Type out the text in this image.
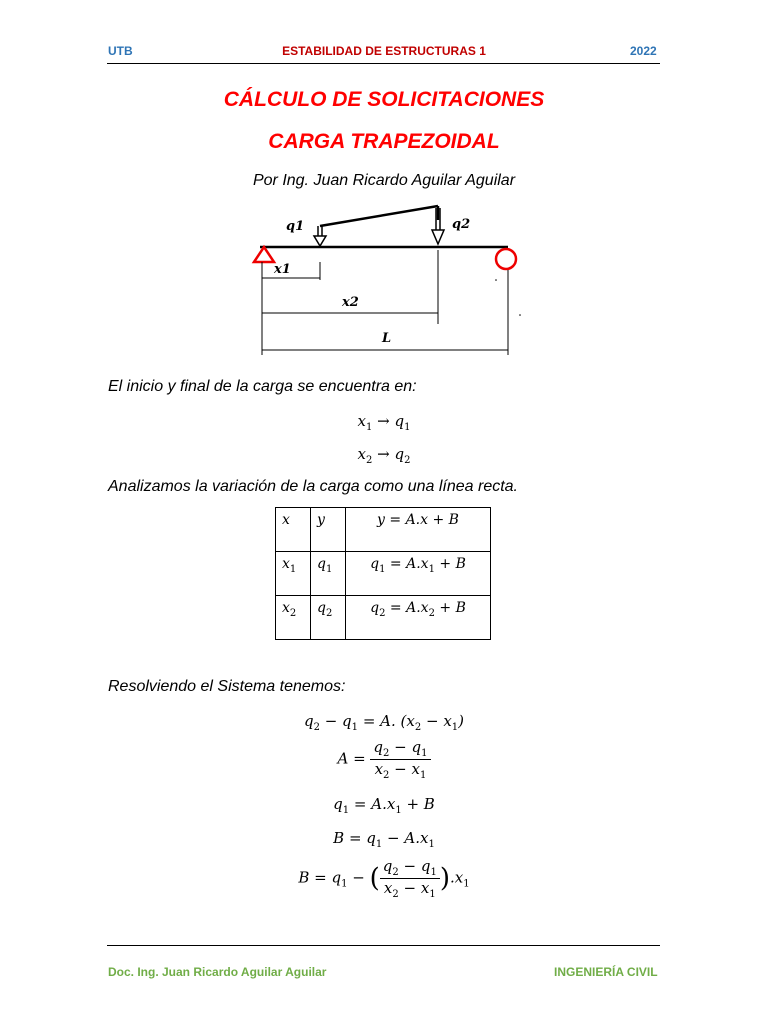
UTB	ESTABILIDAD DE ESTRUCTURAS 1	2022
CÁLCULO DE SOLICITACIONES
CARGA TRAPEZOIDAL
Por Ing. Juan Ricardo Aguilar Aguilar
q1	q2
x1
x2
L
El inicio y final de la carga se encuentra en:
$x_1 \to q_1$
$x_2 \to q_2$
Analizamos la variación de la carga como una línea recta.
x	y	y = A.x + B
$x_1$	$q_1$	$q_1 = A.x_1 + B$
$x_2$	$q_2$	$q_2 = A.x_2 + B$
Resolviendo el Sistema tenemos:
$q_2 - q_1 = A$. $(x_2 - x_1)$
$A = \frac{q_2 - q_1}{x_2 - x_1}$
$q_1 = A.x_1 + B$
$B = q_1 - A.x_1$
$B = q_1$ − ( $\frac{q_2 - q_1}{x_2 - x_1} ).x_1$
Doc. Ing. Juan Ricardo Aguilar Aguilar	INGENIERÍA CIVIL
